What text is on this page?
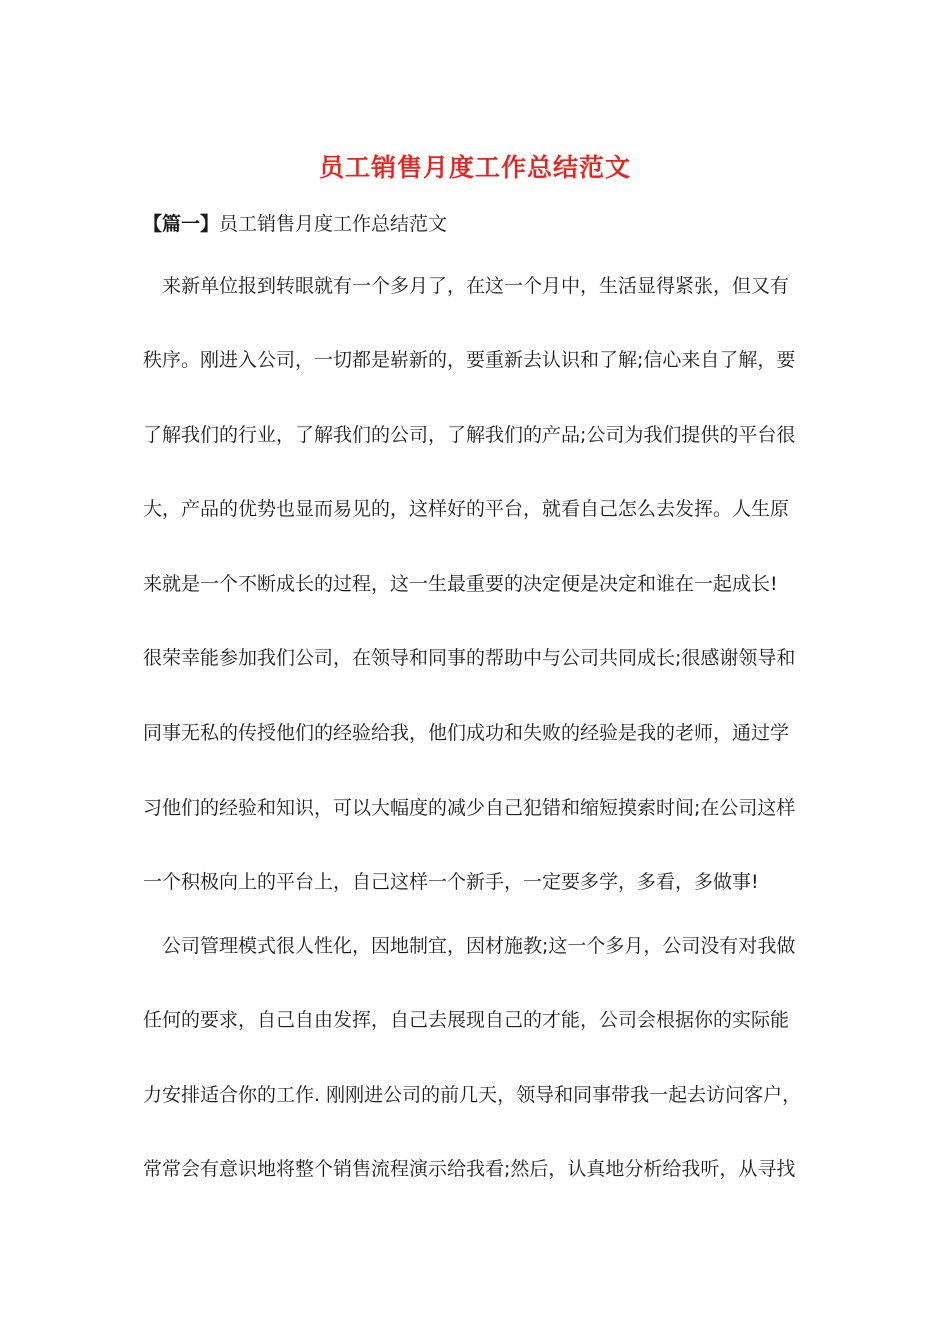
员工销售月度工作总结范文
【篇一】员工销售月度工作总结范文
来新单位报到转眼就有一个多月了，在这一个月中，生活显得紧张，但又有
秩序。刚进入公司，一切都是崭新的，要重新去认识和了解;信心来自了解，要
了解我们的行业，了解我们的公司，了解我们的产品;公司为我们提供的平台很
大，产品的优势也显而易见的，这样好的平台，就看自己怎么去发挥。人生原
来就是一个不断成长的过程，这一生最重要的决定便是决定和谁在一起成长!
很荣幸能参加我们公司，在领导和同事的帮助中与公司共同成长;很感谢领导和
同事无私的传授他们的经验给我，他们成功和失败的经验是我的老师，通过学
习他们的经验和知识，可以大幅度的减少自己犯错和缩短摸索时间;在公司这样
一个积极向上的平台上，自己这样一个新手，一定要多学，多看，多做事!
公司管理模式很人性化，因地制宜，因材施教;这一个多月，公司没有对我做
任何的要求，自己自由发挥，自己去展现自己的才能，公司会根据你的实际能
力安排适合你的工作. 刚刚进公司的前几天，领导和同事带我一起去访问客户，
常常会有意识地将整个销售流程演示给我看;然后，认真地分析给我听，从寻找
